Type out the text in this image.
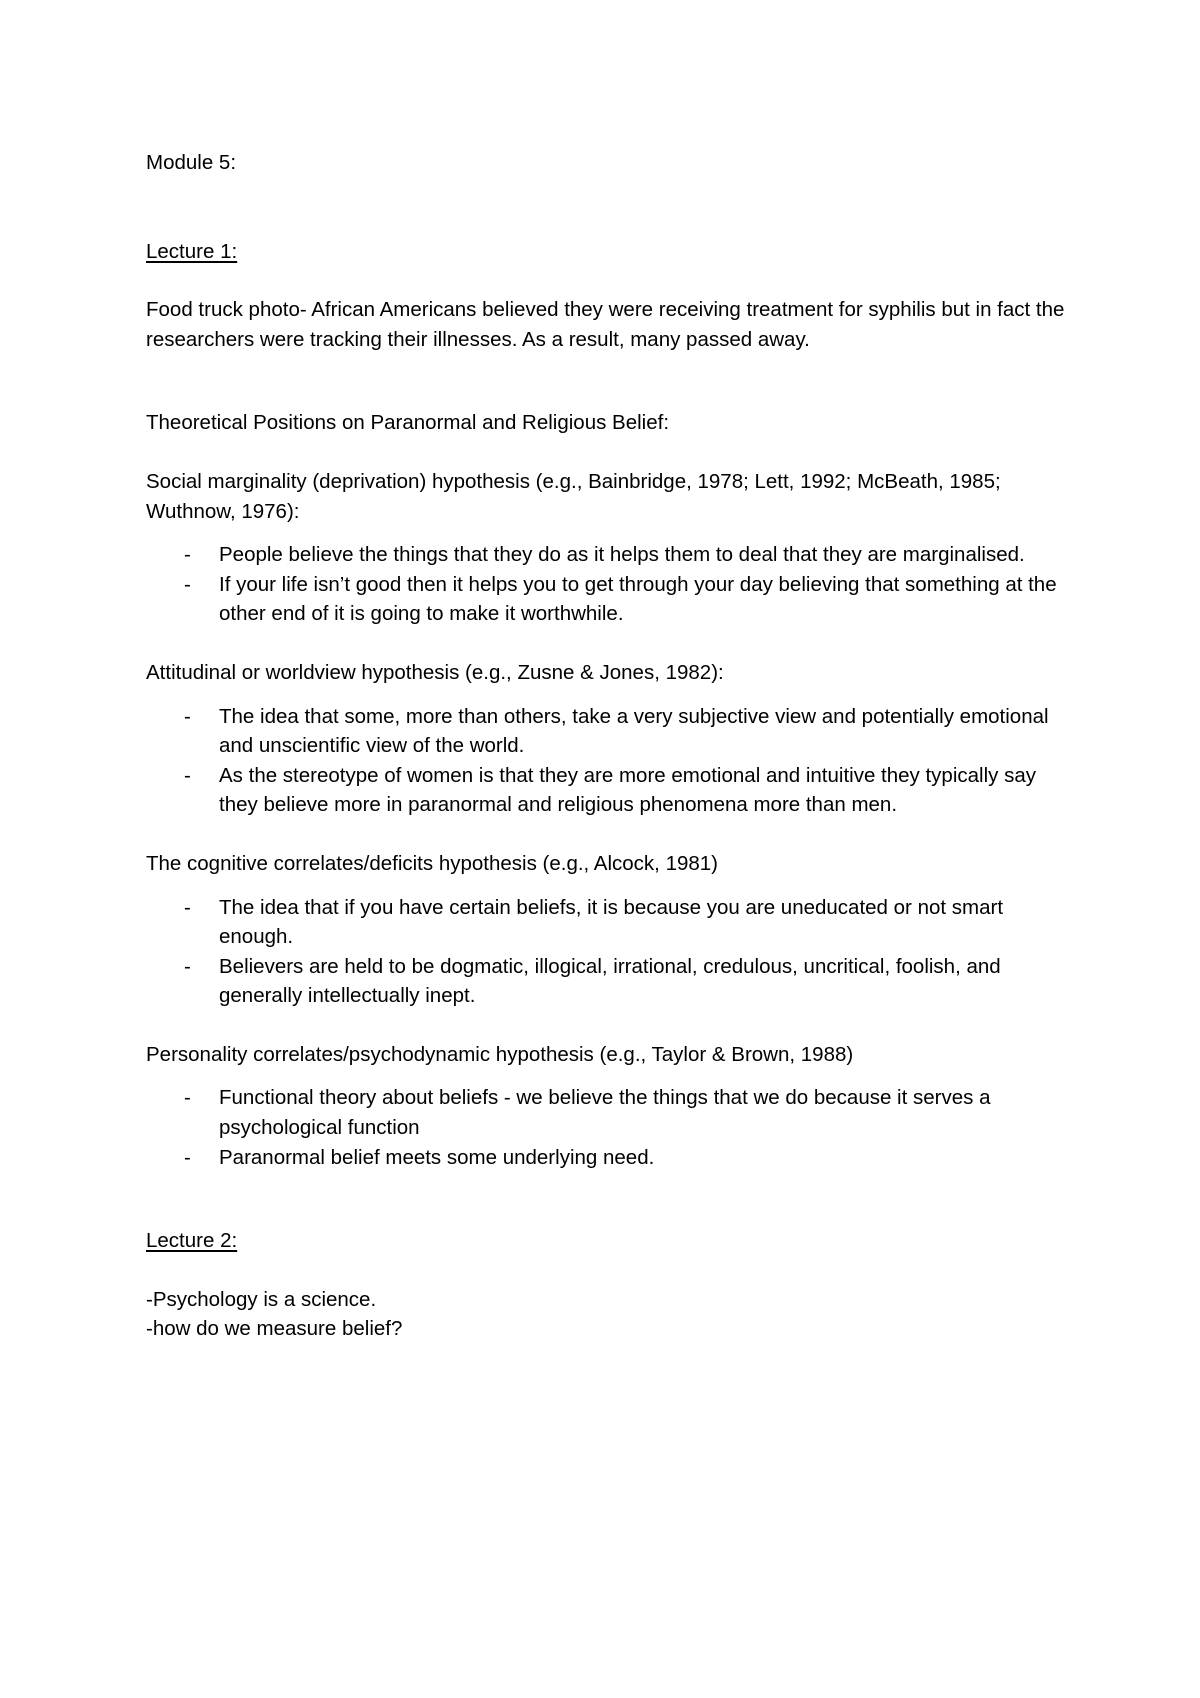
Module 5:

Lecture 1:

Food truck photo- African Americans believed they were receiving treatment for syphilis but in fact the researchers were tracking their illnesses. As a result, many passed away.

Theoretical Positions on Paranormal and Religious Belief:

Social marginality (deprivation) hypothesis (e.g., Bainbridge, 1978; Lett, 1992; McBeath, 1985; Wuthnow, 1976):

- People believe the things that they do as it helps them to deal that they are marginalised.
- If your life isn’t good then it helps you to get through your day believing that something at the other end of it is going to make it worthwhile.

Attitudinal or worldview hypothesis (e.g., Zusne & Jones, 1982):

- The idea that some, more than others, take a very subjective view and potentially emotional and unscientific view of the world.
- As the stereotype of women is that they are more emotional and intuitive they typically say they believe more in paranormal and religious phenomena more than men.

The cognitive correlates/deficits hypothesis (e.g., Alcock, 1981)

- The idea that if you have certain beliefs, it is because you are uneducated or not smart enough.
- Believers are held to be dogmatic, illogical, irrational, credulous, uncritical, foolish, and generally intellectually inept.

Personality correlates/psychodynamic hypothesis (e.g., Taylor & Brown, 1988)

- Functional theory about beliefs - we believe the things that we do because it serves a psychological function
- Paranormal belief meets some underlying need.

Lecture 2:

-Psychology is a science.

-how do we measure belief?
